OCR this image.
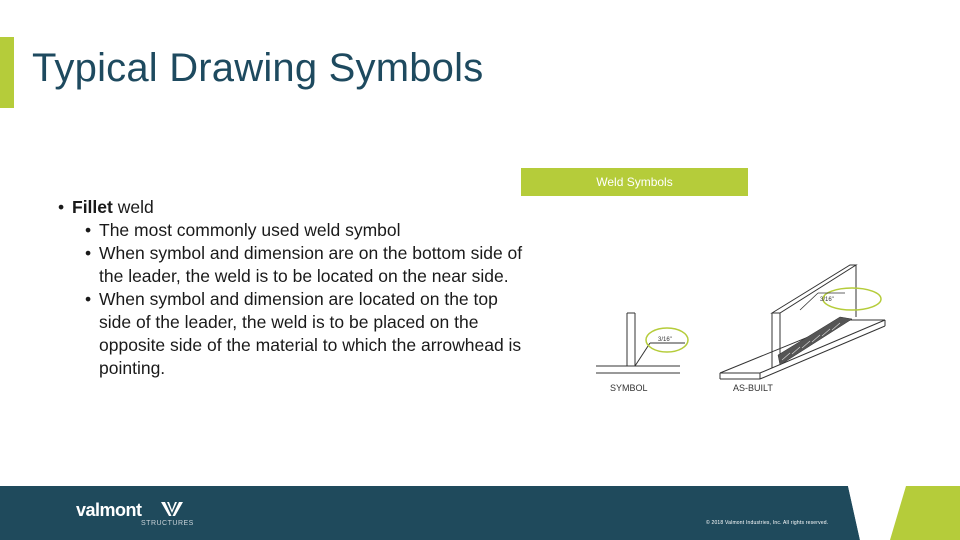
Typical Drawing Symbols
• Fillet weld
• The most commonly used weld symbol
• When symbol and dimension are on the bottom side of the leader, the weld is to be located on the near side.
• When symbol and dimension are located on the top side of the leader, the weld is to be placed on the opposite side of the material to which the arrowhead is pointing.
Weld Symbols
3/16"
SYMBOL
3/16"
AS-BUILT
valmont
STRUCTURES	© 2018 Valmont Industries, Inc. All rights reserved.
